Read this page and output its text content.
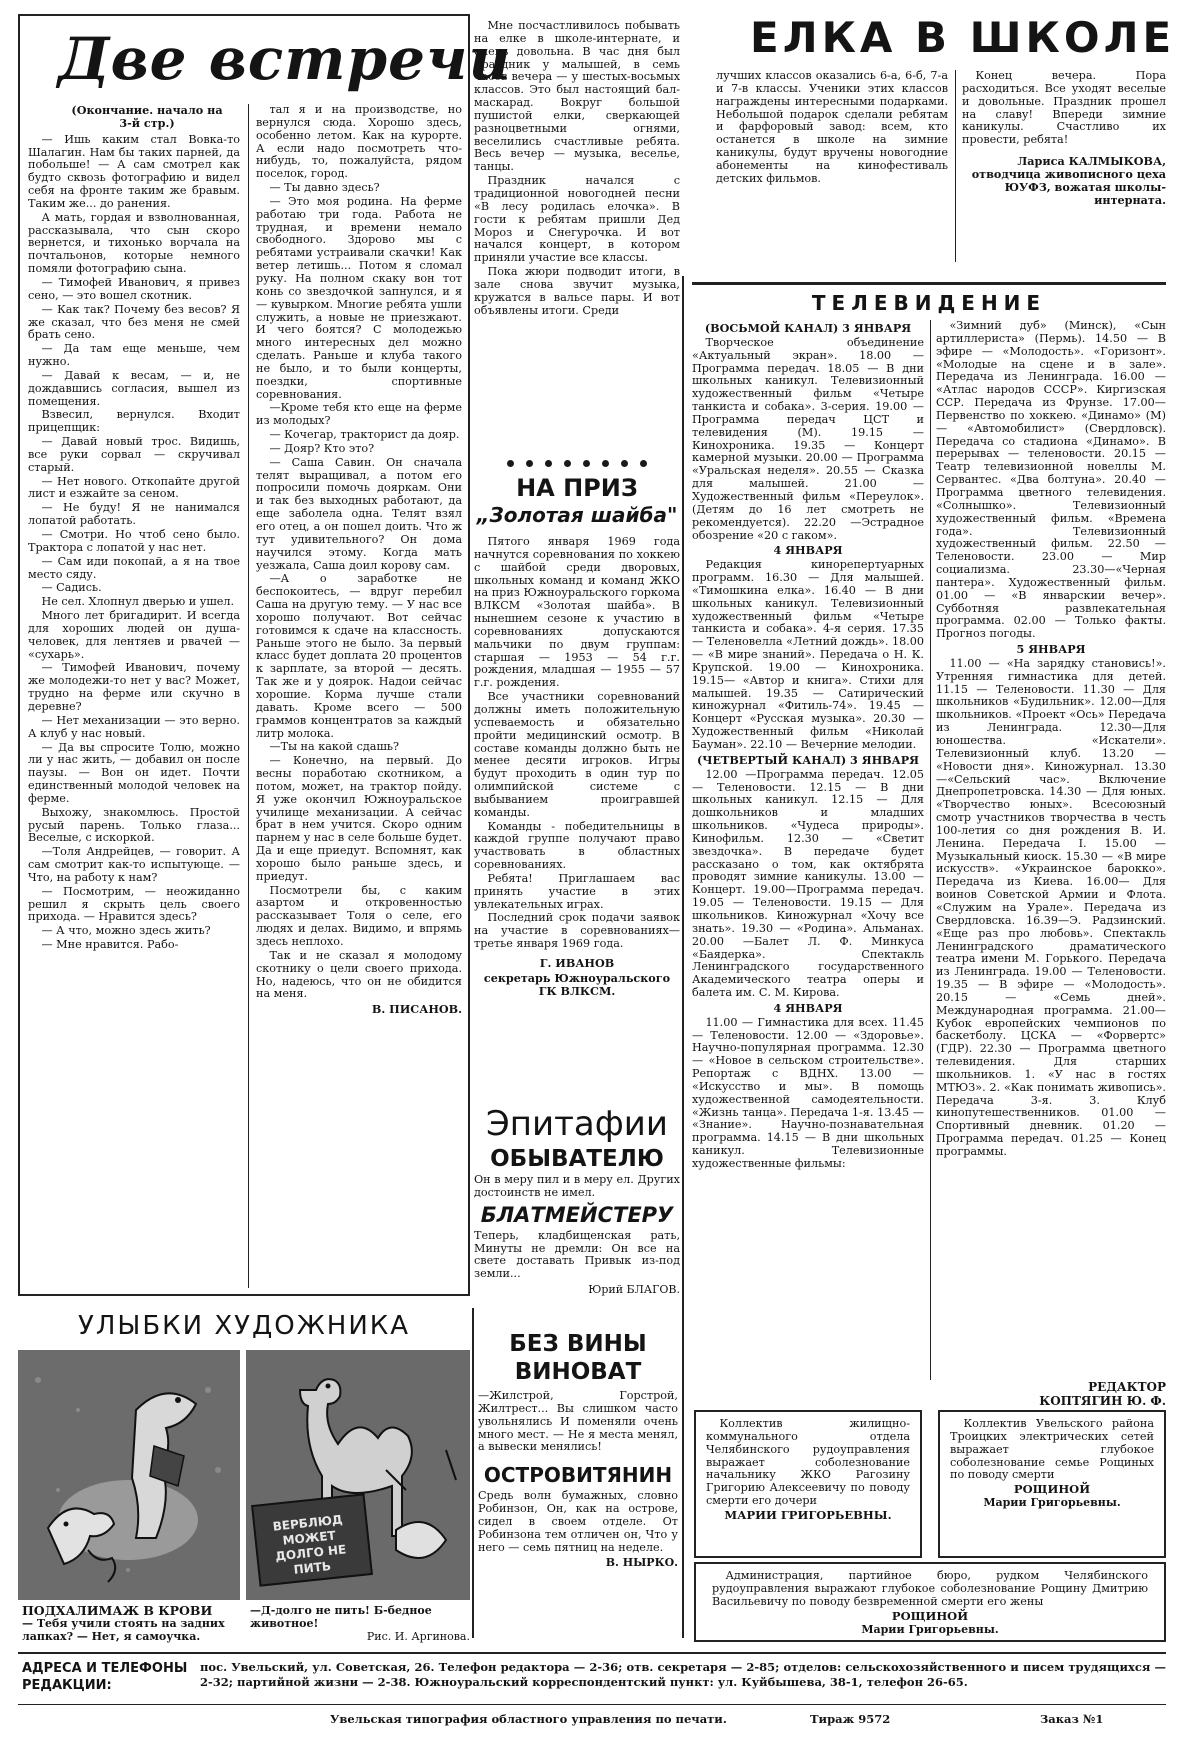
Две встречи
(Окончание. начало на 3-й стр.)

— Ишь каким стал Вовка-то Шалагин. Нам бы таких парней, да побольше! — А сам смотрел как будто сквозь фотографию и видел себя на фронте таким же бравым. Таким же... до ранения.

А мать, гордая и взволнованная, рассказывала, что сын скоро вернется, и тихонько ворчала на почтальонов, которые немного помяли фотографию сына.

— Тимофей Иванович, я привез сено, — это вошел скотник.

— Как так? Почему без весов? Я же сказал, что без меня не смей брать сено.

— Да там еще меньше, чем нужно.

— Давай к весам, — и, не дождавшись согласия, вышел из помещения.

Взвесил, вернулся. Входит прицепщик:

— Давай новый трос. Видишь, все руки сорвал — скручивал старый.

— Нет нового. Откопайте другой лист и езжайте за сеном.

— Не буду! Я не нанимался лопатой работать.

— Смотри. Но чтоб сено было. Трактора с лопатой у нас нет.

— Сам иди покопай, а я на твое место сяду.

— Садись.

Не сел. Хлопнул дверью и ушел.

Много лет бригадирит. И всегда для хороших людей он душа-человек, для лентяев и рвачей — «сухарь».

— Тимофей Иванович, почему же молодежи-то нет у вас? Может, трудно на ферме или скучно в деревне?

— Нет механизации — это верно. А клуб у нас новый.

— Да вы спросите Толю, можно ли у нас жить, — добавил он после паузы. — Вон он идет. Почти единственный молодой человек на ферме.

Выхожу, знакомлюсь. Простой русый парень. Только глаза... Веселые, с искоркой.

—Толя Андрейцев, — говорит. А сам смотрит как-то испытующе. — Что, на работу к нам?

— Посмотрим, — неожиданно решил я скрыть цель своего прихода. — Нравится здесь?

— А что, можно здесь жить?

— Мне нравится. Рабо-

тал я и на производстве, но вернулся сюда. Хорошо здесь, особенно летом. Как на курорте. А если надо посмотреть что-нибудь, то, пожалуйста, рядом поселок, город.

— Ты давно здесь?

— Это моя родина. На ферме работаю три года. Работа не трудная, и времени немало свободного. Здорово мы с ребятами устраивали скачки! Как ветер летишь... Потом я сломал руку. На полном скаку вон тот конь со звездочкой запнулся, и я — кувырком. Многие ребята ушли служить, а новые не приезжают. И чего боятся? С молодежью много интересных дел можно сделать. Раньше и клуба такого не было, и то были концерты, поездки, спортивные соревнования.

—Кроме тебя кто еще на ферме из молодых?

— Кочегар, тракторист да дояр.

— Дояр? Кто это?

— Саша Савин. Он сначала телят выращивал, а потом его попросили помочь дояркам. Они и так без выходных работают, да еще заболела одна. Телят взял его отец, а он пошел доить. Что ж тут удивительного? Он дома научился этому. Когда мать уезжала, Саша доил корову сам.

—А о заработке не беспокоитесь, — вдруг перебил Саша на другую тему. — У нас все хорошо получают. Вот сейчас готовимся к сдаче на классность. Раньше этого не было. За первый класс будет доплата 20 процентов к зарплате, за второй — десять. Так же и у доярок. Надои сейчас хорошие. Корма лучше стали давать. Кроме всего — 500 граммов концентратов за каждый литр молока.

—Ты на какой сдашь?

— Конечно, на первый. До весны поработаю скотником, а потом, может, на трактор пойду. Я уже окончил Южноуральское училище механизации. А сейчас брат в нем учится. Скоро одним парнем у нас в селе больше будет. Да и еще приедут. Вспомнят, как хорошо было раньше здесь, и приедут.

Посмотрели бы, с каким азартом и откровенностью рассказывает Толя о селе, его людях и делах. Видимо, и впрямь здесь неплохо.

Так и не сказал я молодому скотнику о цели своего прихода. Но, надеюсь, что он не обидится на меня.

В. ПИСАНОВ.

Мне посчастливилось побывать на елке в школе-интернате, и очень довольна. В час дня был праздник у малышей, в семь часов вечера — у шестых-восьмых классов. Это был настоящий бал-маскарад. Вокруг большой пушистой елки, сверкающей разноцветными огнями, веселились счастливые ребята. Весь вечер — музыка, веселье, танцы.

Праздник начался с традиционной новогодней песни «В лесу родилась елочка». В гости к ребятам пришли Дед Мороз и Снегурочка. И вот начался концерт, в котором приняли участие все классы.

Пока жюри подводит итоги, в зале снова звучит музыка, кружатся в вальсе пары. И вот объявлены итоги. Среди

НА ПРИЗ
„Золотая шайба"

Пятого января 1969 года начнутся соревнования по хоккею с шайбой среди дворовых, школьных команд и команд ЖКО на приз Южноуральского горкома ВЛКСМ «Золотая шайба». В нынешнем сезоне к участию в соревнованиях допускаются мальчики по двум группам: старшая — 1953 — 54 г.г. рождения, младшая — 1955 — 57 г.г. рождения.

Все участники соревнований должны иметь положительную успеваемость и обязательно пройти медицинский осмотр. В составе команды должно быть не менее десяти игроков. Игры будут проходить в один тур по олимпийской системе с выбыванием проигравшей команды.

Команды - победительницы в каждой группе получают право участвовать в областных соревнованиях.

Ребята! Приглашаем вас принять участие в этих увлекательных играх.

Последний срок подачи заявок на участие в соревнованиях—третье января 1969 года.

Г. ИВАНОВ
секретарь Южноуральского ГК ВЛКСМ.
Эпитафии
ОБЫВАТЕЛЮ
Он в меру пил и в меру ел. Других достоинств не имел.
БЛАТМЕЙСТЕРУ
Теперь, кладбищенская рать, Минуты не дремли: Он все на свете доставать Привык из-под земли...
Юрий БЛАГОВ.
БЕЗ ВИНЫ
ВИНОВАТ
—Жилстрой, Горстрой, Жилтрест... Вы слишком часто увольнялись И поменяли очень много мест. — Не я места менял, а вывески менялись!
ОСТРОВИТЯНИН
Средь волн бумажных, словно Робинзон, Он, как на острове, сидел в своем отделе. От Робинзона тем отличен он, Что у него — семь пятниц на неделе.
В. НЫРКО.
ЕЛКА В ШКОЛЕ
лучших классов оказались 6-а, 6-б, 7-а и 7-в классы. Ученики этих классов награждены интересными подарками. Небольшой подарок сделали ребятам и фарфоровый завод: всем, кто останется в школе на зимние каникулы, будут вручены новогодние абонементы на кинофестиваль детских фильмов.
Конец вечера. Пора расходиться. Все уходят веселые и довольные. Праздник прошел на славу! Впереди зимние каникулы. Счастливо их провести, ребята!
Лариса КАЛМЫКОВА, отводчица живописного цеха ЮУФЗ, вожатая школы-интерната.
ТЕЛЕВИДЕНИЕ
(ВОСЬМОЙ КАНАЛ) 3 ЯНВАРЯ

Творческое объединение «Актуальный экран». 18.00 — Программа передач. 18.05 — В дни школьных каникул. Телевизионный художественный фильм «Четыре танкиста и собака». 3-серия. 19.00 — Программа передач ЦСТ и телевидения (М). 19.15 — Кинохроника. 19.35 — Концерт камерной музыки. 20.00 — Программа «Уральская неделя». 20.55 — Сказка для малышей. 21.00 — Художественный фильм «Переулок». (Детям до 16 лет смотреть не рекомендуется). 22.20 —Эстрадное обозрение «20 с гаком».

4 ЯНВАРЯ

Редакция кинорепертуарных программ. 16.30 — Для малышей. «Тимошкина елка». 16.40 — В дни школьных каникул. Телевизионный художественный фильм «Четыре танкиста и собака». 4-я серия. 17.35 — Теленовелла «Летний дождь». 18.00 — «В мире знаний». Передача о Н. К. Крупской. 19.00 — Кинохроника. 19.15— «Автор и книга». Стихи для малышей. 19.35 — Сатирический киножурнал «Фитиль-74». 19.45 — Концерт «Русская музыка». 20.30 — Художественный фильм «Николай Бауман». 22.10 — Вечерние мелодии.

(ЧЕТВЕРТЫЙ КАНАЛ) 3 ЯНВАРЯ

12.00 —Программа передач. 12.05 — Теленовости. 12.15 — В дни школьных каникул. 12.15 — Для дошкольников и младших школьников. «Чудеса природы». Кинофильм. 12.30 — «Светит звездочка». В передаче будет рассказано о том, как октябрята проводят зимние каникулы. 13.00 — Концерт. 19.00—Программа передач. 19.05 — Теленовости. 19.15 — Для школьников. Киножурнал «Хочу все знать». 19.30 — «Родина». Альманах. 20.00 —Балет Л. Ф. Минкуса «Баядерка». Спектакль Ленинградского государственного Академического театра оперы и балета им. С. М. Кирова.

4 ЯНВАРЯ

11.00 — Гимнастика для всех. 11.45 — Теленовости. 12.00 — «Здоровье». Научно-популярная программа. 12.30 — «Новое в сельском строительстве». Репортаж с ВДНХ. 13.00 — «Искусство и мы». В помощь художественной самодеятельности. «Жизнь танца». Передача 1-я. 13.45 — «Знание». Научно-познавательная программа. 14.15 — В дни школьных каникул. Телевизионные художественные фильмы:

«Зимний дуб» (Минск), «Сын артиллериста» (Пермь). 14.50 — В эфире — «Молодость». «Горизонт». «Молодые на сцене и в зале». Передача из Ленинграда. 16.00 — «Атлас народов СССР». Киргизская ССР. Передача из Фрунзе. 17.00—Первенство по хоккею. «Динамо» (М) — «Автомобилист» (Свердловск). Передача со стадиона «Динамо». В перерывах — теленовости. 20.15 — Театр телевизионной новеллы М. Сервантес. «Два болтуна». 20.40 — Программа цветного телевидения. «Солнышко». Телевизионный художественный фильм. «Времена года». Телевизионный художественный фильм. 22.50 — Теленовости. 23.00 — Мир социализма. 23.30—«Черная пантера». Художественный фильм. 01.00 — «В январскии вечер». Субботняя развлекательная программа. 02.00 — Только факты. Прогноз погоды.

5 ЯНВАРЯ

11.00 — «На зарядку становись!». Утренняя гимнастика для детей. 11.15 — Теленовости. 11.30 — Для школьников «Будильник». 12.00—Для школьников. «Проект «Ось» Передача из Ленинграда. 12.30—Для юношества. «Искатели». Телевизионный клуб. 13.20 — «Новости дня». Киножурнал. 13.30 —«Сельский час». Включение Днепропетровска. 14.30 — Для юных. «Творчество юных». Всесоюзный смотр участников творчества в честь 100-летия со дня рождения В. И. Ленина. Передача I. 15.00 — Музыкальный киоск. 15.30 — «В мире искусств». «Украинское барокко». Передача из Киева. 16.00— Для воинов Советской Армии и Флота. «Служим на Урале». Передача из Свердловска. 16.39—Э. Радзинский. «Еще раз про любовь». Спектакль Ленинградского драматического театра имени М. Горького. Передача из Ленинграда. 19.00 — Теленовости. 19.35 — В эфире — «Молодость». 20.15 — «Семь дней». Международная программа. 21.00—Кубок европейских чемпионов по баскетболу. ЦСКА — «Форвертс» (ГДР). 22.30 — Программа цветного телевидения. Для старших школьников. 1. «У нас в гостях МТЮЗ». 2. «Как понимать живопись». Передача 3-я. 3. Клуб кинопутешественников. 01.00 — Спортивный дневник. 01.20 — Программа передач. 01.25 — Конец программы.

РЕДАКТОР
КОПТЯГИН Ю. Ф.
Коллектив жилищно-коммунального отдела Челябинского рудоуправления выражает соболезнование начальнику ЖКО Рагозину Григорию Алексеевичу по поводу смерти его дочери
МАРИИ ГРИГОРЬЕВНЫ.
Коллектив Увельского района Троицких электрических сетей выражает глубокое соболезнование семье Рощиных по поводу смерти
РОЩИНОЙ
Марии Григорьевны.
Администрация, партийное бюро, рудком Челябинского рудоуправления выражают глубокое соболезнование Рощину Дмитрию Васильевичу по поводу безвременной смерти его жены
РОЩИНОЙ
Марии Григорьевны.
УЛЫБКИ ХУДОЖНИКА
ВЕРБЛЮД МОЖЕТ ДОЛГО НЕ ПИТЬ
ПОДХАЛИМАЖ В КРОВИ
— Тебя учили стоять на задних лапках? — Нет, я самоучка.
—Д-долго не пить! Б-бедное животное!
Рис. И. Аргинова.
АДРЕСА И ТЕЛЕФОНЫ РЕДАКЦИИ:
пос. Увельский, ул. Советская, 26. Телефон редактора — 2-36; отв. секретаря — 2-85; отделов: сельскохозяйственного и писем трудящихся — 2-32; партийной жизни — 2-38. Южноуральский корреспондентский пункт: ул. Куйбышева, 38-1, телефон 26-65.
Увельская типография областного управления по печати.	Тираж 9572	Заказ №1
